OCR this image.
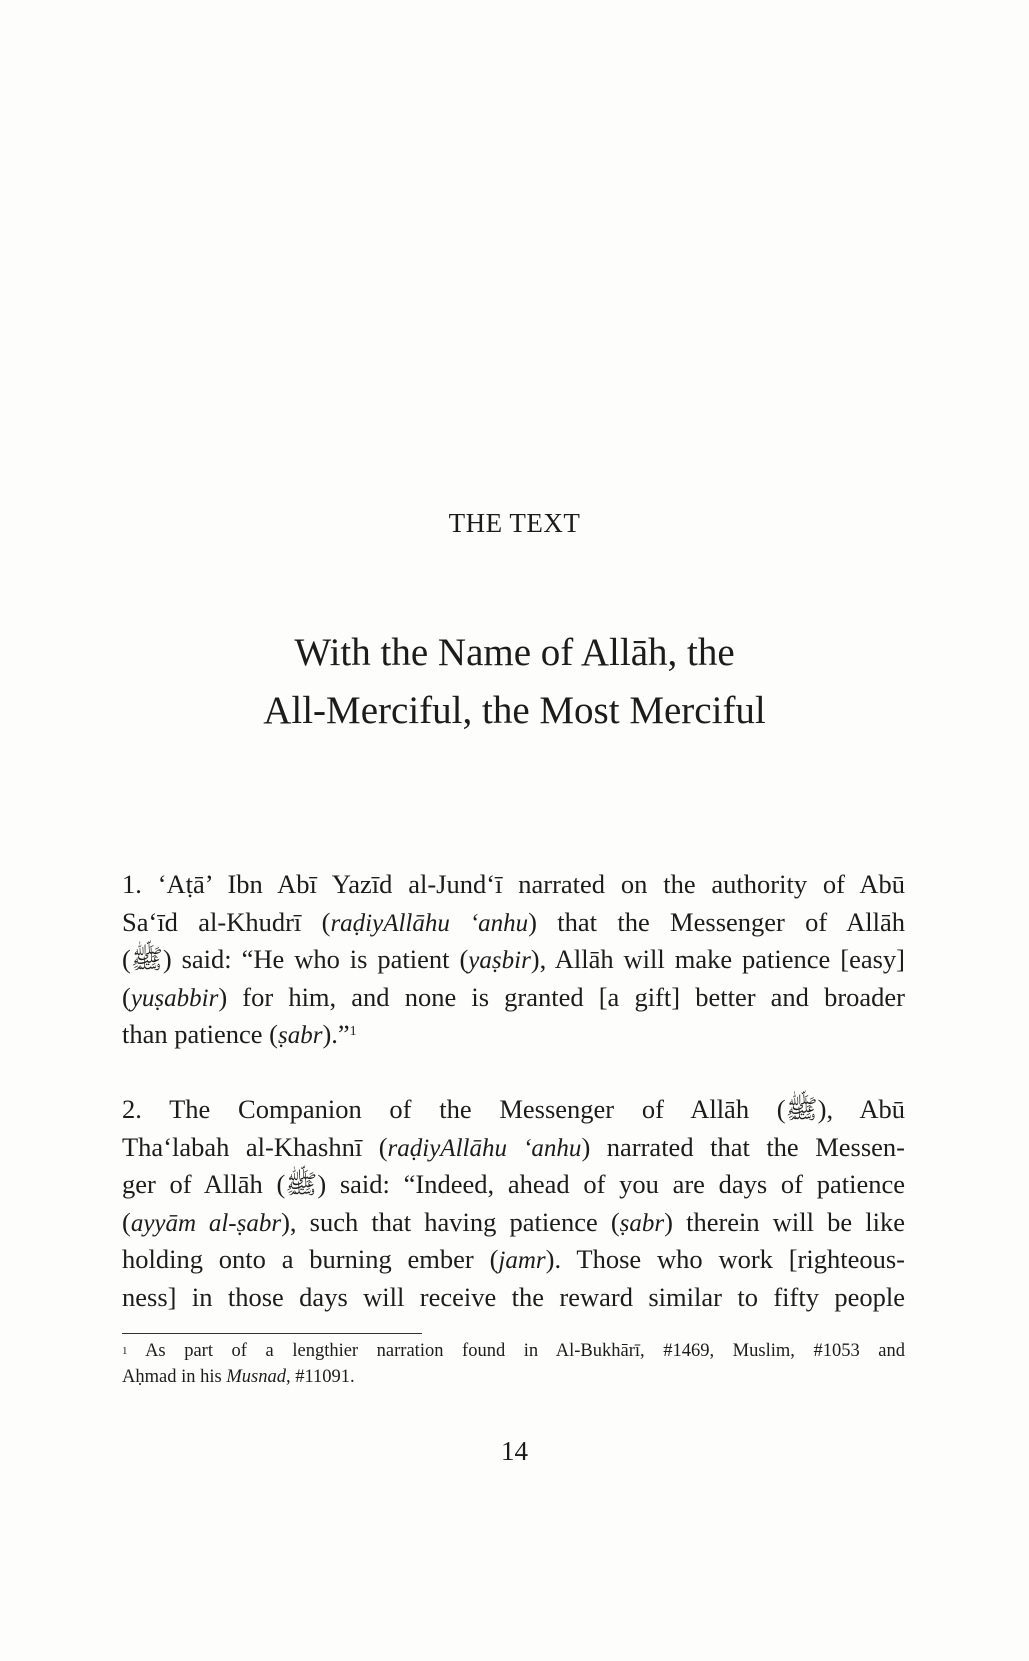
THE TEXT
With the Name of Allāh, the
All-Merciful, the Most Merciful
1. ‘Aṭā’ Ibn Abī Yazīd al-Jund‘ī narrated on the authority of Abū
Sa‘īd al-Khudrī (raḍiyAllāhu ‘anhu) that the Messenger of Allāh
(ﷺ) said: “He who is patient (yaṣbir), Allāh will make patience [easy]
(yuṣabbir) for him, and none is granted [a gift] better and broader
than patience (ṣabr).”$^1$
2. The Companion of the Messenger of Allāh (ﷺ), Abū
Tha‘labah al-Khashnī (raḍiyAllāhu ‘anhu) narrated that the Messen-
ger of Allāh (ﷺ) said: “Indeed, ahead of you are days of patience
(ayyām al-ṣabr), such that having patience (ṣabr) therein will be like
holding onto a burning ember (jamr). Those who work [righteous-
ness] in those days will receive the reward similar to fifty people
$^1$ As part of a lengthier narration found in Al-Bukhārī, #1469, Muslim, #1053 and
Aḥmad in his Musnad, #11091.
14
